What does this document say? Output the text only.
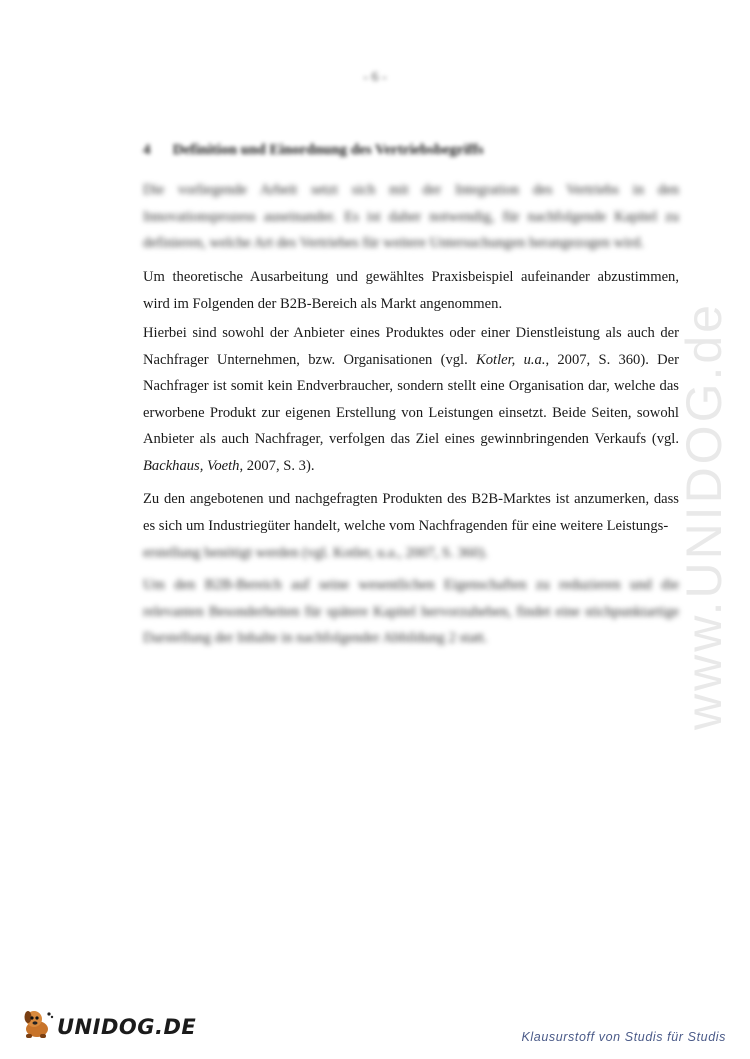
- 6 -
4 Definition und Einordnung des Vertriebsbegriffs

Die vorliegende Arbeit setzt sich mit der Integration des Vertriebs in den Innovationsprozess auseinander. Es ist daher notwendig, für nachfolgende Kapitel zu definieren, welche Art des Vertriebes für weitere Untersuchungen herangezogen wird.

Um theoretische Ausarbeitung und gewähltes Praxisbeispiel aufeinander abzustimmen, wird im Folgenden der B2B-Bereich als Markt angenommen.

Hierbei sind sowohl der Anbieter eines Produktes oder einer Dienstleistung als auch der Nachfrager Unternehmen, bzw. Organisationen (vgl. Kotler, u.a., 2007, S. 360). Der Nachfrager ist somit kein Endverbraucher, sondern stellt eine Organisation dar, welche das erworbene Produkt zur eigenen Erstellung von Leistungen einsetzt. Beide Seiten, sowohl Anbieter als auch Nachfrager, verfolgen das Ziel eines gewinnbringenden Verkaufs (vgl. Backhaus, Voeth, 2007, S. 3).

Zu den angebotenen und nachgefragten Produkten des B2B-Marktes ist anzumerken, dass es sich um Industriegüter handelt, welche vom Nachfragenden für eine weitere Leistungs-

erstellung benötigt werden (vgl. Kotler, u.a., 2007, S. 360).

Um den B2B-Bereich auf seine wesentlichen Eigenschaften zu reduzieren und die relevanten Besonderheiten für spätere Kapitel hervorzuheben, findet eine stichpunktartige Darstellung der Inhalte in nachfolgender Abbildung 2 statt.	www.UNIDOG.de
UNIDOG.DE	Klausurstoff von Studis für Studis
